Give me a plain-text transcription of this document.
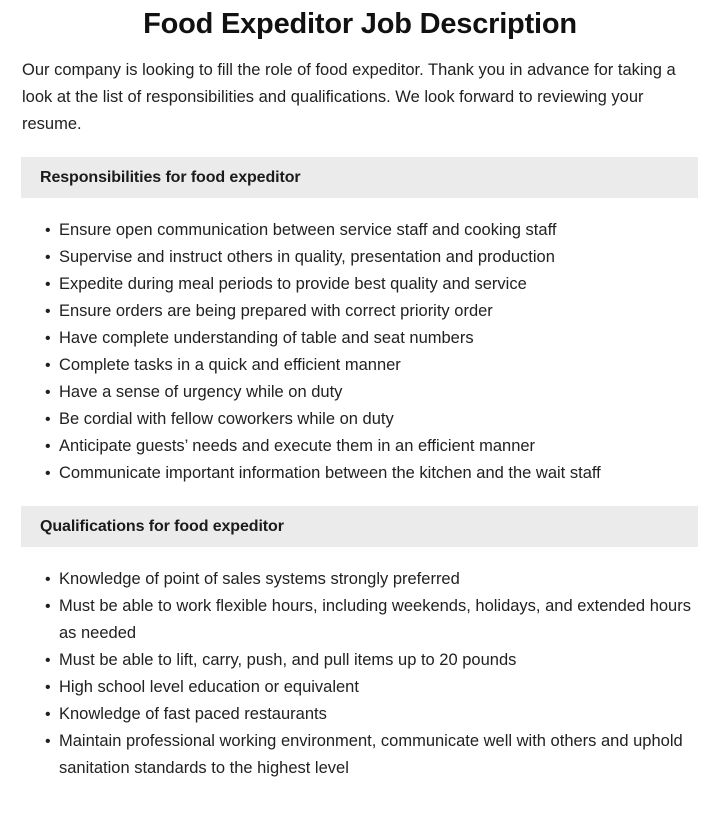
Food Expeditor Job Description

Our company is looking to fill the role of food expeditor. Thank you in advance for taking a look at the list of responsibilities and qualifications. We look forward to reviewing your resume.

Responsibilities for food expeditor
• Ensure open communication between service staff and cooking staff
• Supervise and instruct others in quality, presentation and production
• Expedite during meal periods to provide best quality and service
• Ensure orders are being prepared with correct priority order
• Have complete understanding of table and seat numbers
• Complete tasks in a quick and efficient manner
• Have a sense of urgency while on duty
• Be cordial with fellow coworkers while on duty
• Anticipate guests’ needs and execute them in an efficient manner
• Communicate important information between the kitchen and the wait staff
Qualifications for food expeditor
• Knowledge of point of sales systems strongly preferred
• Must be able to work flexible hours, including weekends, holidays, and extended hours as needed
• Must be able to lift, carry, push, and pull items up to 20 pounds
• High school level education or equivalent
• Knowledge of fast paced restaurants
• Maintain professional working environment, communicate well with others and uphold sanitation standards to the highest level
